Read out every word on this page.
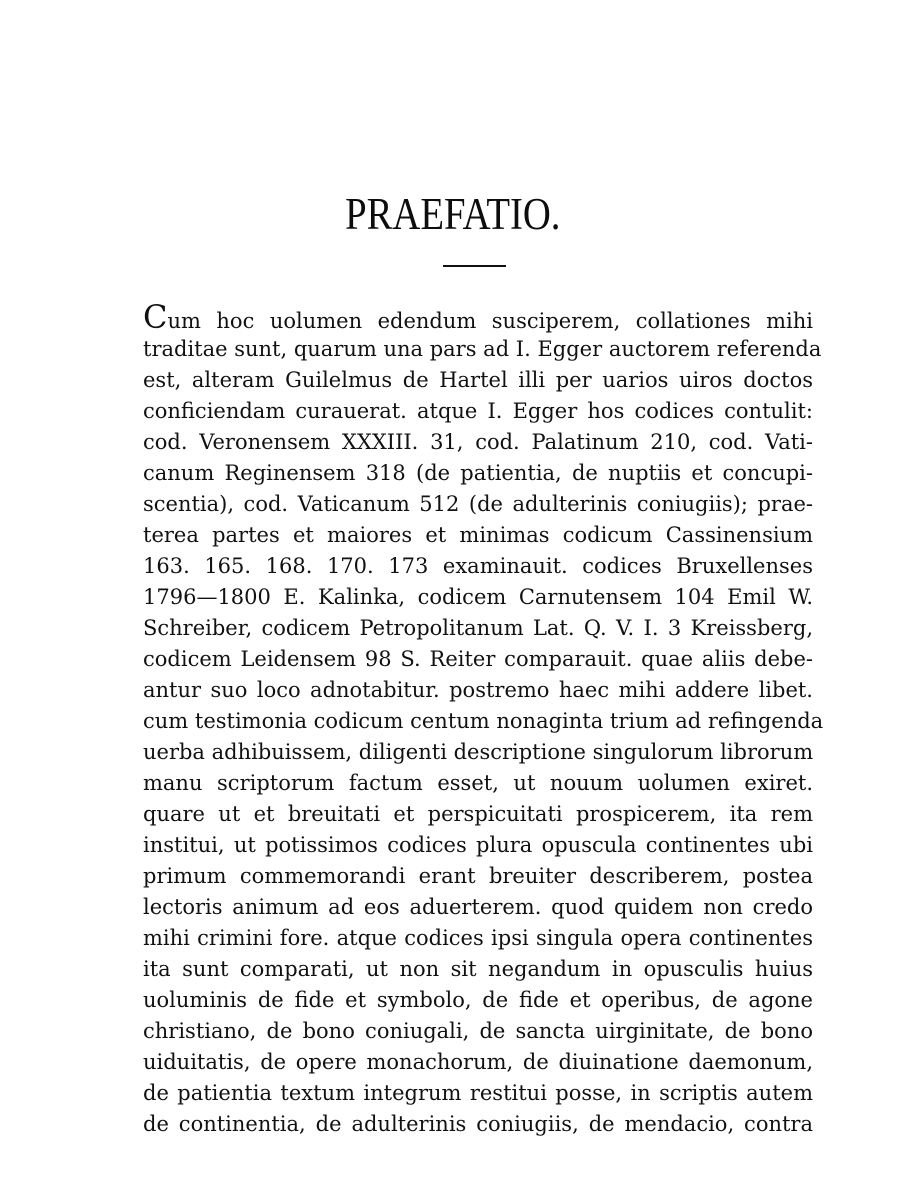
PRAEFATIO.
Cum hoc uolumen edendum susciperem, collationes mihi
traditae sunt, quarum una pars ad I. Egger auctorem referenda
est, alteram Guilelmus de Hartel illi per uarios uiros doctos
conficiendam curauerat. atque I. Egger hos codices contulit:
cod. Veronensem XXXIII. 31, cod. Palatinum 210, cod. Vati-
canum Reginensem 318 (de patientia, de nuptiis et concupi-
scentia), cod. Vaticanum 512 (de adulterinis coniugiis); prae-
terea partes et maiores et minimas codicum Cassinensium
163. 165. 168. 170. 173 examinauit. codices Bruxellenses
1796—1800 E. Kalinka, codicem Carnutensem 104 Emil W.
Schreiber, codicem Petropolitanum Lat. Q. V. I. 3 Kreissberg,
codicem Leidensem 98 S. Reiter comparauit. quae aliis debe-
antur suo loco adnotabitur. postremo haec mihi addere libet.
cum testimonia codicum centum nonaginta trium ad refingenda
uerba adhibuissem, diligenti descriptione singulorum librorum
manu scriptorum factum esset, ut nouum uolumen exiret.
quare ut et breuitati et perspicuitati prospicerem, ita rem
institui, ut potissimos codices plura opuscula continentes ubi
primum commemorandi erant breuiter describerem, postea
lectoris animum ad eos aduerterem. quod quidem non credo
mihi crimini fore. atque codices ipsi singula opera continentes
ita sunt comparati, ut non sit negandum in opusculis huius
uoluminis de fide et symbolo, de fide et operibus, de agone
christiano, de bono coniugali, de sancta uirginitate, de bono
uiduitatis, de opere monachorum, de diuinatione daemonum,
de patientia textum integrum restitui posse, in scriptis autem
de continentia, de adulterinis coniugiis, de mendacio, contra
